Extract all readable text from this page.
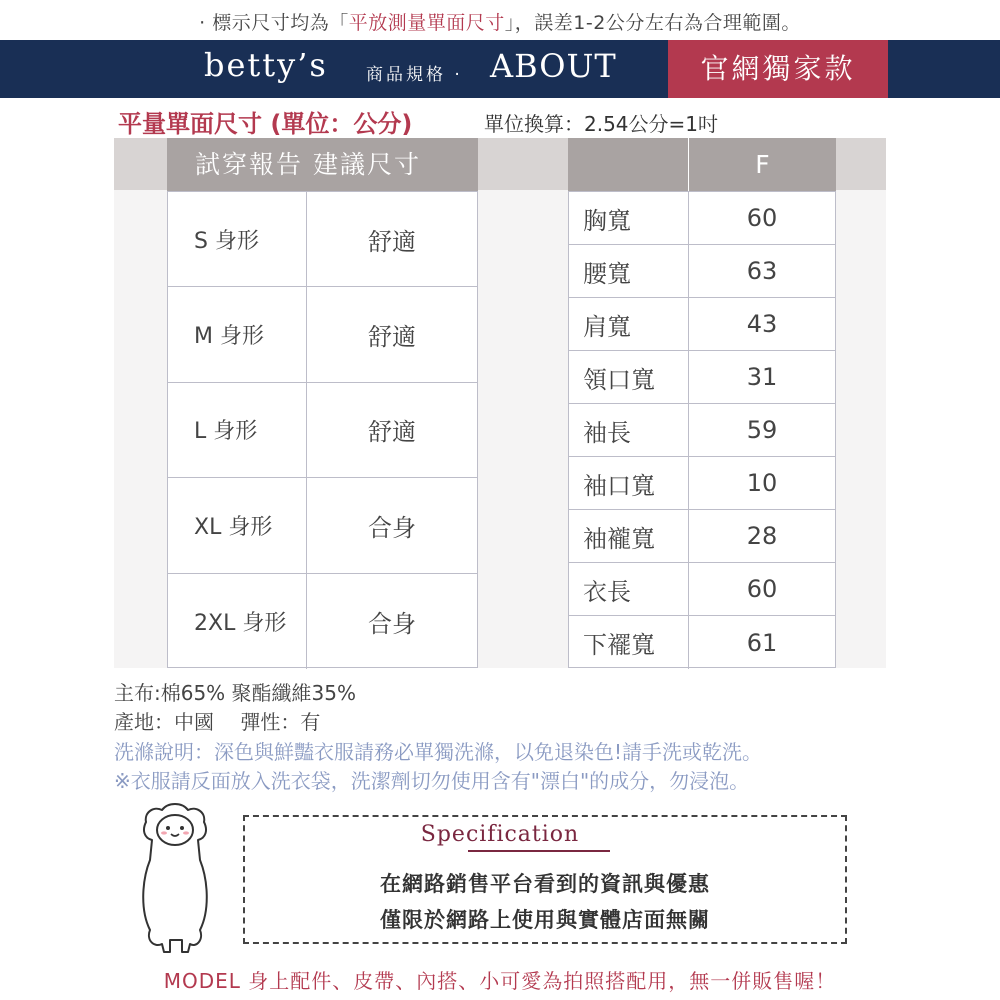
‧ 標示尺寸均為「平放測量單面尺寸」，誤差1-2公分左右為合理範圍。
betty’s 商品規格 ‧ ABOUT	官網獨家款
平量單面尺寸 (單位：公分)	單位換算：2.54公分=1吋
試穿報告 建議尺寸
S 身形	舒適
M 身形	舒適
L 身形	舒適
XL 身形	合身
2XL 身形	合身
F
胸寬	60
腰寬	63
肩寬	43
領口寬	31
袖長	59
袖口寬	10
袖襱寬	28
衣長	60
下襬寬	61
主布:棉65% 聚酯纖維35%
產地：中國　 彈性：有
洗滌說明：深色與鮮豔衣服請務必單獨洗滌，以免退染色!請手洗或乾洗。
※衣服請反面放入洗衣袋，洗潔劑切勿使用含有"漂白"的成分，勿浸泡。
Specification
在網路銷售平台看到的資訊與優惠
僅限於網路上使用與實體店面無關
MODEL 身上配件、皮帶、內搭、小可愛為拍照搭配用，無一併販售喔！
